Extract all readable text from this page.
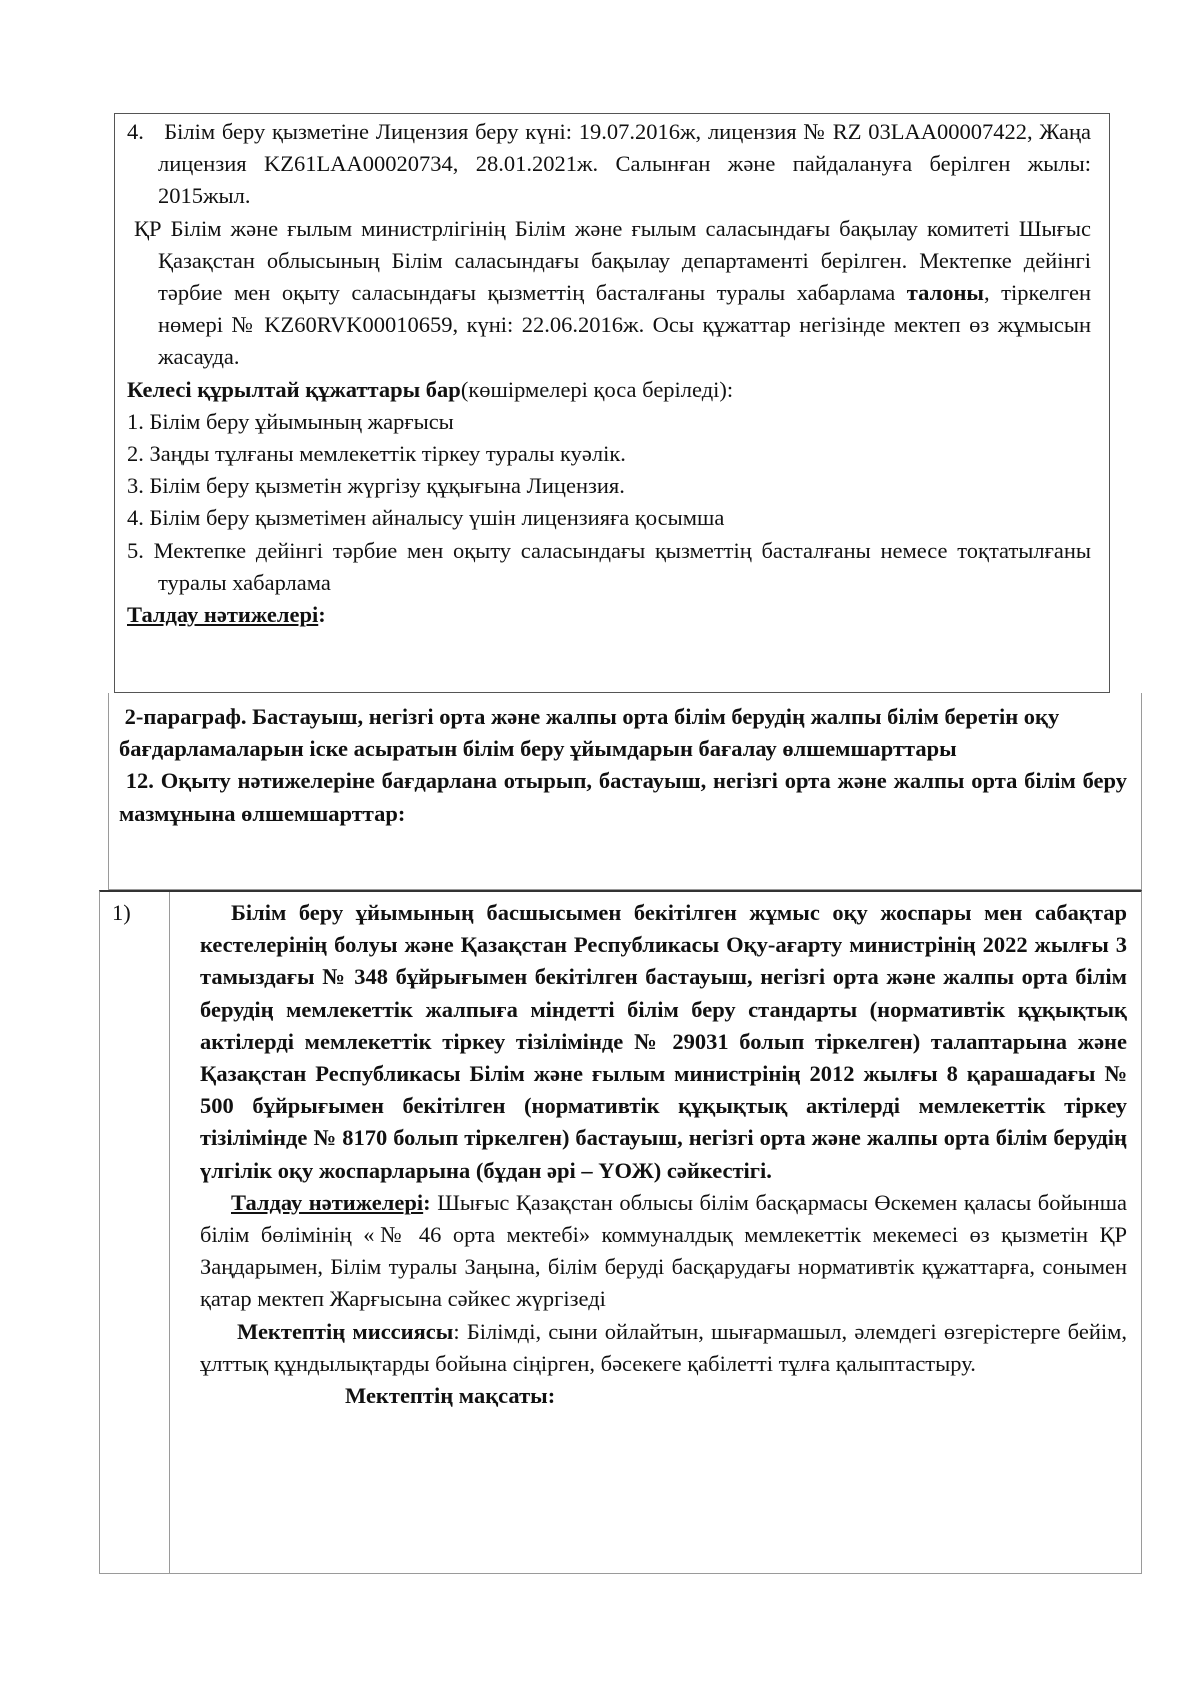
4. Білім беру қызметіне Лицензия беру күні: 19.07.2016ж, лицензия № RZ 03LAA00007422, Жаңа лицензия KZ61LAA00020734, 28.01.2021ж. Салынған және пайдалануға берілген жылы: 2015жыл.

ҚР Білім және ғылым министрлігінің Білім және ғылым саласындағы бақылау комитеті Шығыс Қазақстан облысының Білім саласындағы бақылау департаменті берілген. Мектепке дейінгі тәрбие мен оқыту саласындағы қызметтің басталғаны туралы хабарлама талоны, тіркелген нөмері № KZ60RVK00010659, күні: 22.06.2016ж. Осы құжаттар негізінде мектеп өз жұмысын жасауда.

Келесі құрылтай құжаттары бар(көшірмелері қоса беріледі):

1. Білім беру ұйымының жарғысы
2. Заңды тұлғаны мемлекеттік тіркеу туралы куәлік.
3. Білім беру қызметін жүргізу құқығына Лицензия.
4. Білім беру қызметімен айналысу үшін лицензияға қосымша
5. Мектепке дейінгі тәрбие мен оқыту саласындағы қызметтің басталғаны немесе тоқтатылғаны туралы хабарлама

Талдау нәтижелері:

2-параграф. Бастауыш, негізгі орта және жалпы орта білім берудің жалпы білім беретін оқу бағдарламаларын іске асыратын білім беру ұйымдарын бағалау өлшемшарттары

12. Оқыту нәтижелеріне бағдарлана отырып, бастауыш, негізгі орта және жалпы орта білім беру мазмұнына өлшемшарттар:

1)	Білім беру ұйымының басшысымен бекітілген жұмыс оқу жоспары мен сабақтар кестелерінің болуы және Қазақстан Республикасы Оқу-ағарту министрінің 2022 жылғы 3 тамыздағы № 348 бұйрығымен бекітілген бастауыш, негізгі орта және жалпы орта білім берудің мемлекеттік жалпыға міндетті білім беру стандарты (нормативтік құқықтық актілерді мемлекеттік тіркеу тізілімінде № 29031 болып тіркелген) талаптарына және Қазақстан Республикасы Білім және ғылым министрінің 2012 жылғы 8 қарашадағы № 500 бұйрығымен бекітілген (нормативтік құқықтық актілерді мемлекеттік тіркеу тізілімінде № 8170 болып тіркелген) бастауыш, негізгі орта және жалпы орта білім берудің үлгілік оқу жоспарларына (бұдан әрі – ҮОЖ) сәйкестігі.

Талдау нәтижелері: Шығыс Қазақстан облысы білім басқармасы Өскемен қаласы бойынша білім бөлімінің «№ 46 орта мектебі» коммуналдық мемлекеттік мекемесі өз қызметін ҚР Заңдарымен, Білім туралы Заңына, білім беруді басқарудағы нормативтік құжаттарға, сонымен қатар мектеп Жарғысына сәйкес жүргізеді

Мектептің миссиясы: Білімді, сыни ойлайтын, шығармашыл, әлемдегі өзгерістерге бейім, ұлттық құндылықтарды бойына сіңірген, бәсекеге қабілетті тұлға қалыптастыру.

Мектептің мақсаты:
